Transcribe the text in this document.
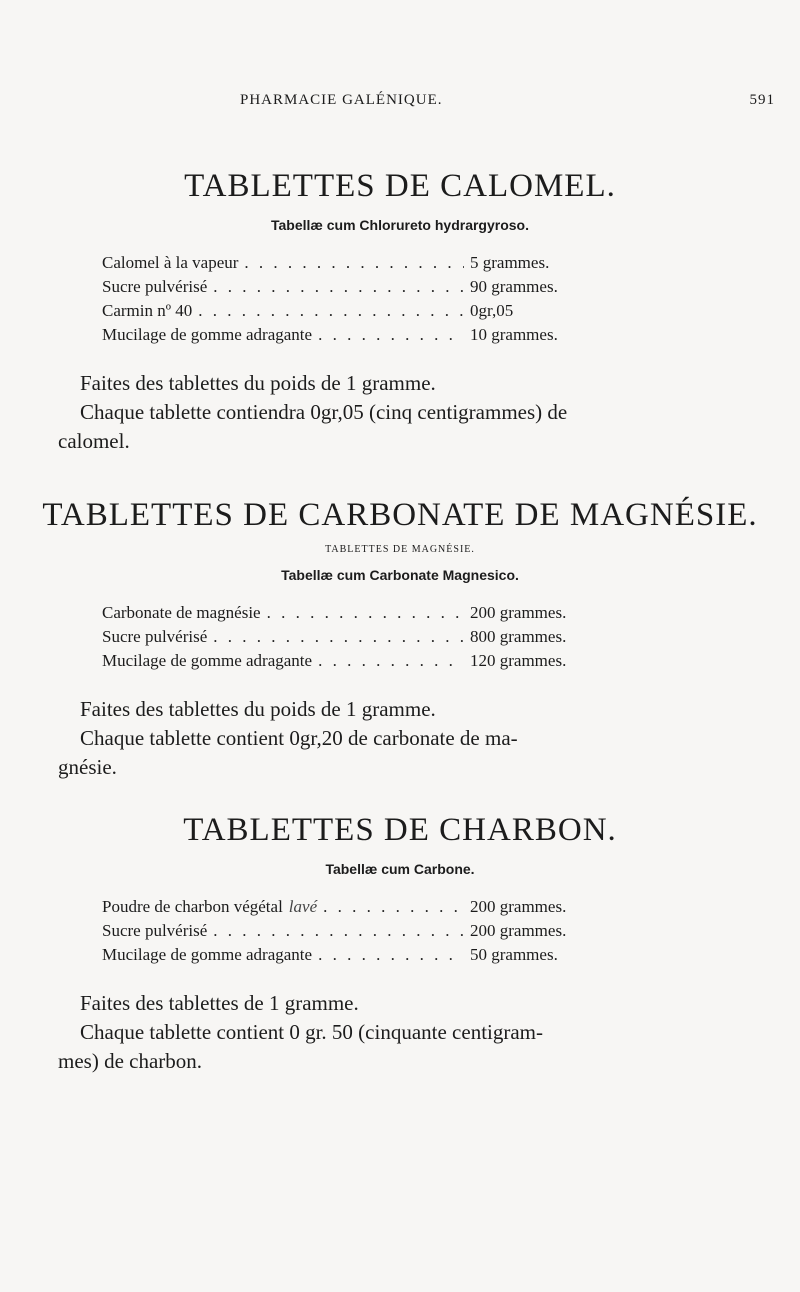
PHARMACIE GALÉNIQUE.	591
TABLETTES DE CALOMEL.
Tabellæ cum Chlorureto hydrargyroso.
Calomel à la vapeur . . .	5 grammes.
Sucre pulvérisé . . .	90 grammes.
Carmin nº 40 . . .	0gr,05
Mucilage de gomme adragante . . .	10 grammes.

Faites des tablettes du poids de 1 gramme.

Chaque tablette contiendra 0gr,05 (cinq centigrammes) de

calomel.

TABLETTES DE CARBONATE DE MAGNÉSIE.
TABLETTES DE MAGNÉSIE.
Tabellæ cum Carbonate Magnesico.
Carbonate de magnésie . . .	200 grammes.
Sucre pulvérisé . . .	800 grammes.
Mucilage de gomme adragante . . .	120 grammes.

Faites des tablettes du poids de 1 gramme.

Chaque tablette contient 0gr,20 de carbonate de ma-

gnésie.

TABLETTES DE CHARBON.
Tabellæ cum Carbone.
Poudre de charbon végétal lavé . . .	200 grammes.
Sucre pulvérisé . . .	200 grammes.
Mucilage de gomme adragante . . .	50 grammes.

Faites des tablettes de 1 gramme.

Chaque tablette contient 0 gr. 50 (cinquante centigram-

mes) de charbon.
